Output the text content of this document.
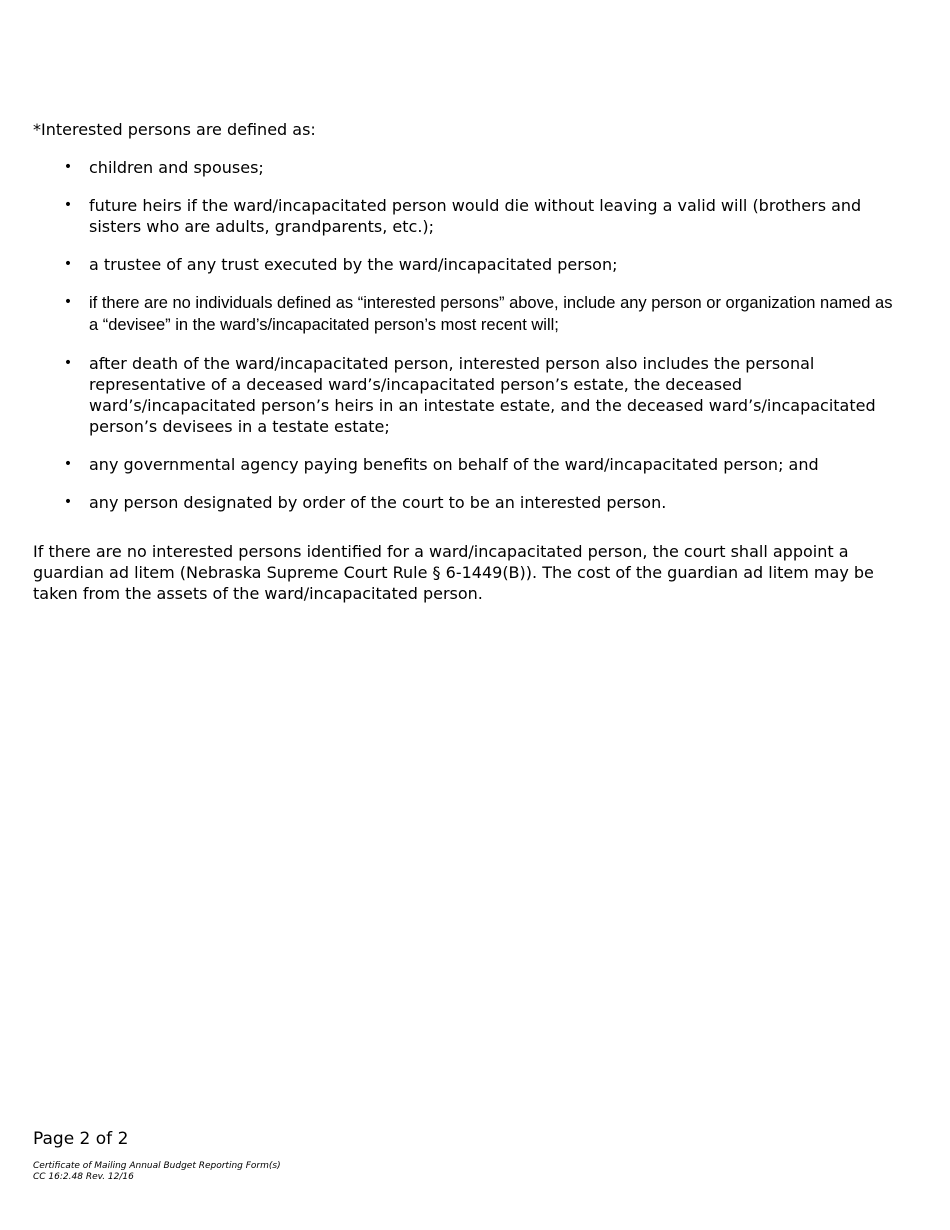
*Interested persons are defined as:

• children and spouses;
• future heirs if the ward/incapacitated person would die without leaving a valid will (brothers and sisters who are adults, grandparents, etc.);
• a trustee of any trust executed by the ward/incapacitated person;
• if there are no individuals defined as “interested persons” above, include any person or organization named as a “devisee” in the ward’s/incapacitated person’s most recent will;
• after death of the ward/incapacitated person, interested person also includes the personal representative of a deceased ward’s/incapacitated person’s estate, the deceased ward’s/incapacitated person’s heirs in an intestate estate, and the deceased ward’s/incapacitated person’s devisees in a testate estate;
• any governmental agency paying benefits on behalf of the ward/incapacitated person; and
• any person designated by order of the court to be an interested person.

If there are no interested persons identified for a ward/incapacitated person, the court shall appoint a guardian ad litem (Nebraska Supreme Court Rule § 6-1449(B)). The cost of the guardian ad litem may be taken from the assets of the ward/incapacitated person.

Page 2 of 2

Certificate of Mailing Annual Budget Reporting Form(s)
CC 16:2.48 Rev. 12/16
